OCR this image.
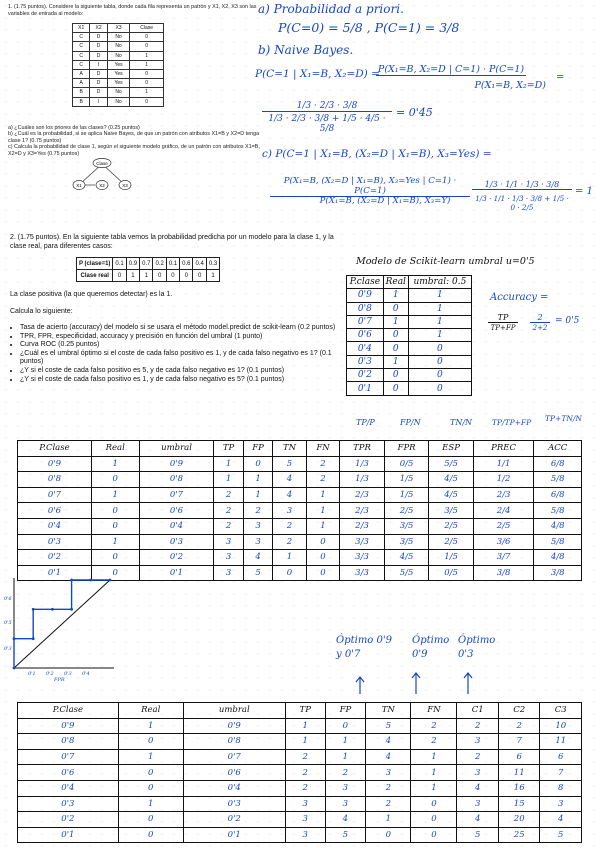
1. (1.75 puntos). Considere la siguiente tabla, donde cada fila representa un patrón y X1, X2, X3 son las variables de entrada al modelo:
X1	X2	X3	Clase
C	D	No	0
C	D	No	0
C	D	No	1
C	I	Yes	1
A	D	Yes	0
A	D	Yes	0
B	D	No	1
B	I	No	0
a) ¿Cuáles son los priores de las clases? (0.25 puntos)
b) ¿Cuál es la probabilidad, si se aplica Naive Bayes, de que un patrón con atributos X1=B y X2=D tenga clase 1? (0.75 puntos)
c) Calcula la probabilidad de clase 1, según el siguiente modelo gráfico, de un patrón con atributos X1=B, X2=D y X3=Yes (0.75 puntos)
Clase
X1	X2	X3
a) Probabilidad a priori.
P(C=0) = 5/8 , P(C=1) = 3/8
b) Naive Bayes.
P(C=1 | X₁=B, X₂=D) =
P(X₁=B, X₂=D | C=1) · P(C=1)
P(X₁=B, X₂=D)
=
1/3 · 2/3 · 3/8
1/3 · 2/3 · 3/8 + 1/5 · 4/5 · 5/8
= 0'45
c) P(C=1 | X₁=B, (X₂=D | X₁=B), X₃=Yes) =
P(X₁=B, (X₂=D | X₁=B), X₃=Yes | C=1) · P(C=1)
P(X₁=B, (X₂=D | X₁=B), X₃=Y)
1/3 · 1/1 · 1/3 · 3/8
1/3 · 1/1 · 1/3 · 3/8 + 1/5 · 0 · 2/5
= 1
2. (1.75 puntos). En la siguiente tabla vemos la probabilidad predicha por un modelo para la clase 1, y la clase real, para diferentes casos:
P (clase=1)	0.1	0.9	0.7	0.2	0.1	0.6	0.4	0.3
Clase real	0	1	1	0	0	0	0	1
La clase positiva (la que queremos detectar) es la 1.
Calcula lo siguiente:
• Tasa de acierto (accuracy) del modelo si se usara el método model.predict de scikit-learn (0.2 puntos)
• TPR, FPR, especificidad, accuracy y precisión en función del umbral (1 punto)
• Curva ROC (0.25 puntos)
• ¿Cuál es el umbral óptimo si el coste de cada falso positivo es 1, y de cada falso negativo es 1? (0.1 puntos)
• ¿Y si el coste de cada falso positivo es 5, y de cada falso negativo es 1? (0.1 puntos)
• ¿Y si el coste de cada falso positivo es 1, y de cada falso negativo es 5? (0.1 puntos)
Modelo de Scikit-learn umbral u=0'5
P.clase	Real	umbral: 0.5
0'9	1	1
0'8	0	1
0'7	1	1
0'6	0	1
0'4	0	0
0'3	1	0
0'2	0	0
0'1	0	0
Accuracy =
TP
TP+FP
2
2+2
= 0'5
TP/P	FP/N	TN/N	TP/TP+FP TP+TN/N
P.Clase	Real	umbral	TP	FP	TN	FN	TPR	FPR	ESP	PREC	ACC
0'9	1	0'9	1	0	5	2	1/3	0/5	5/5	1/1	6/8
0'8	0	0'8	1	1	4	2	1/3	1/5	4/5	1/2	5/8
0'7	1	0'7	2	1	4	1	2/3	1/5	4/5	2/3	6/8
0'6	0	0'6	2	2	3	1	2/3	2/5	3/5	2/4	5/8
0'4	0	0'4	2	3	2	1	2/3	3/5	2/5	2/5	4/8
0'3	1	0'3	3	3	2	0	3/3	3/5	2/5	3/6	5/8
0'2	0	0'2	3	4	1	0	3/3	4/5	1/5	3/7	4/8
0'1	0	0'1	3	5	0	0	3/3	5/5	0/5	3/8	3/8
0'6
0'5
0'3
0'1 0'2 0'3 0'4
FPR
Óptimo 0'9 y 0'7
Óptimo 0'9
Óptimo 0'3
P.Clase	Real	umbral	TP	FP	TN	FN	C1	C2	C3
0'9	1	0'9	1	0	5	2	2	2	10
0'8	0	0'8	1	1	4	2	3	7	11
0'7	1	0'7	2	1	4	1	2	6	6
0'6	0	0'6	2	2	3	1	3	11	7
0'4	0	0'4	2	3	2	1	4	16	8
0'3	1	0'3	3	3	2	0	3	15	3
0'2	0	0'2	3	4	1	0	4	20	4
0'1	0	0'1	3	5	0	0	5	25	5
